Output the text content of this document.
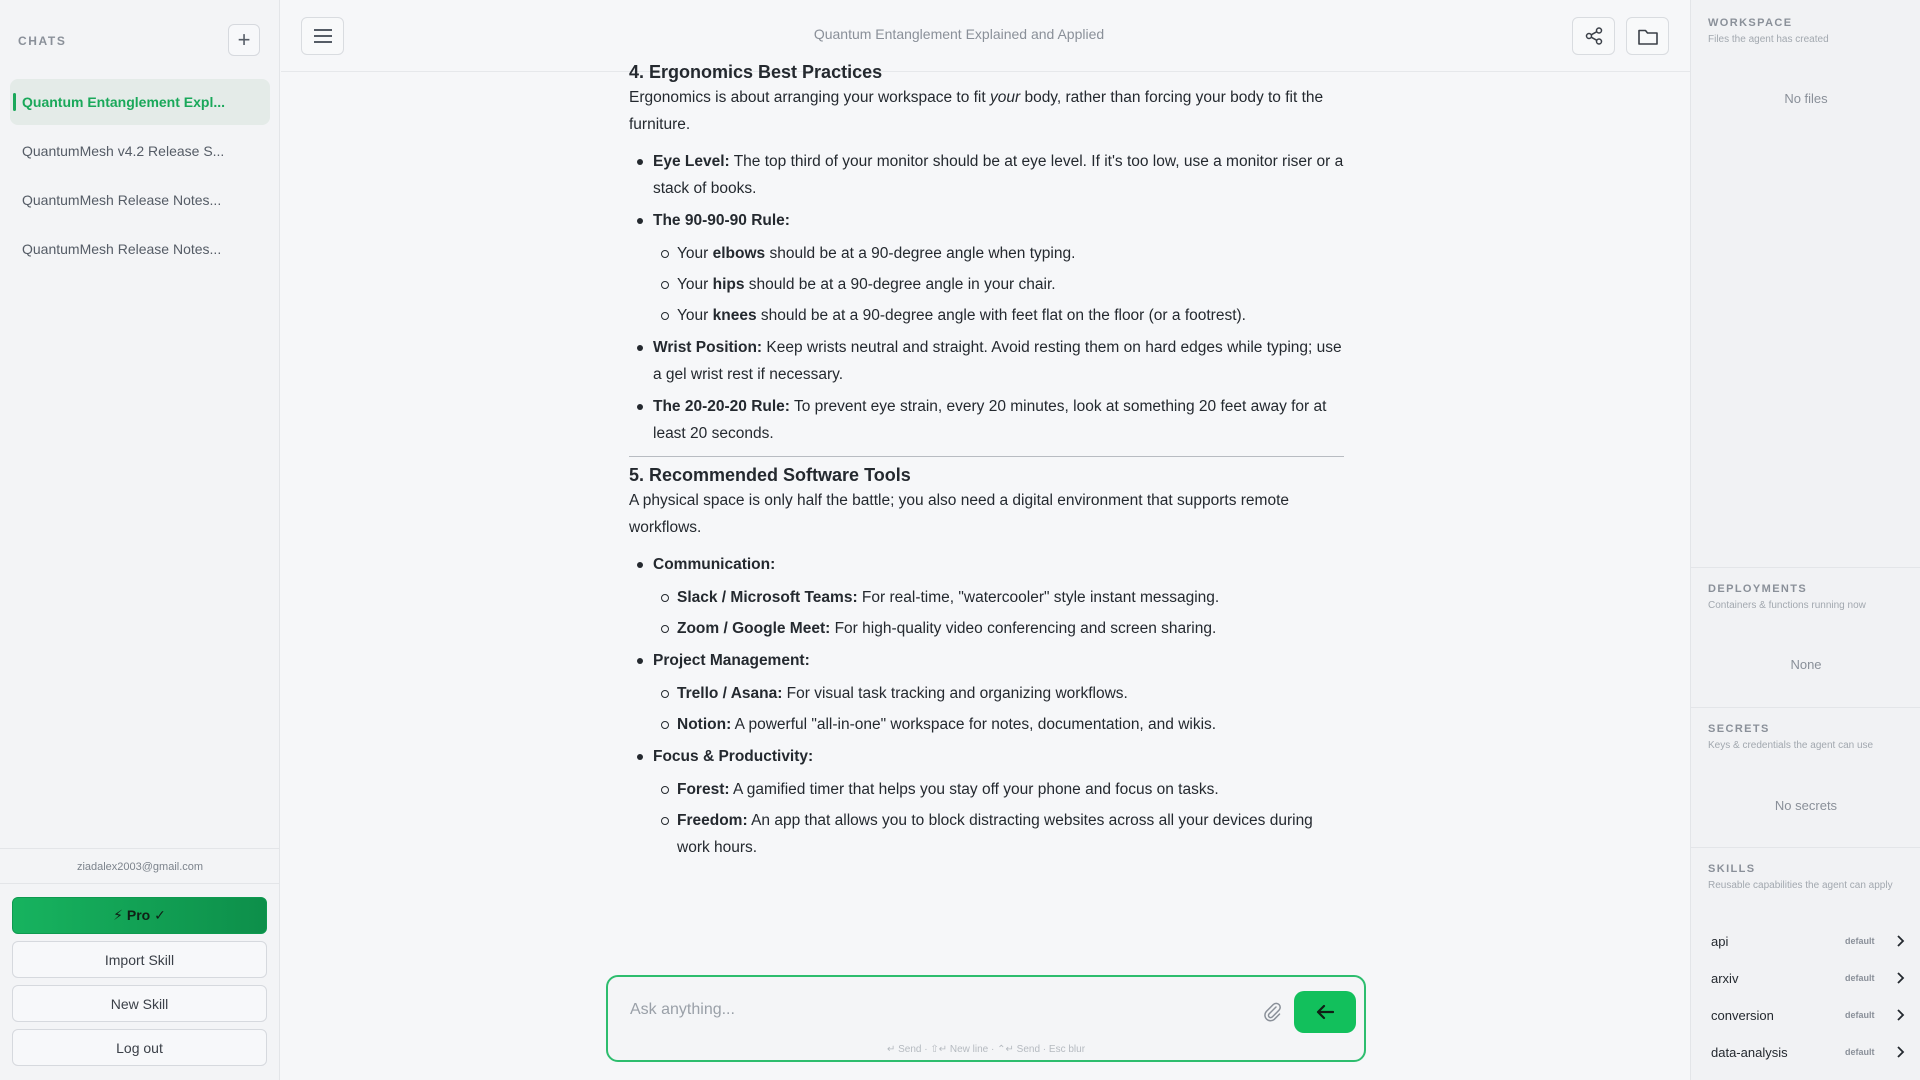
CHATS	+
Quantum Entanglement Expl...
QuantumMesh v4.2 Release S...
QuantumMesh Release Notes...
QuantumMesh Release Notes...
ziadalex2003@gmail.com
⚡ Pro ✓
Import Skill
New Skill
Log out
Quantum Entanglement Explained and Applied
4. Ergonomics Best Practices

Ergonomics is about arranging your workspace to fit your body, rather than forcing your body to fit the furniture.

Eye Level: The top third of your monitor should be at eye level. If it's too low, use a monitor riser or a stack of books.
The 90-90-90 Rule:
Your elbows should be at a 90-degree angle when typing.
Your hips should be at a 90-degree angle in your chair.
Your knees should be at a 90-degree angle with feet flat on the floor (or a footrest).
Wrist Position: Keep wrists neutral and straight. Avoid resting them on hard edges while typing; use a gel wrist rest if necessary.
The 20-20-20 Rule: To prevent eye strain, every 20 minutes, look at something 20 feet away for at least 20 seconds.
5. Recommended Software Tools

A physical space is only half the battle; you also need a digital environment that supports remote workflows.

Communication:
Slack / Microsoft Teams: For real-time, "watercooler" style instant messaging.
Zoom / Google Meet: For high-quality video conferencing and screen sharing.
Project Management:
Trello / Asana: For visual task tracking and organizing workflows.
Notion: A powerful "all-in-one" workspace for notes, documentation, and wikis.
Focus & Productivity:
Forest: A gamified timer that helps you stay off your phone and focus on tasks.
Freedom: An app that allows you to block distracting websites across all your devices during work hours.
Ask anything...
↵ Send · ⇧↵ New line · ⌃↵ Send · Esc blur
WORKSPACE
Files the agent has created
No files
DEPLOYMENTS
Containers & functions running now
None
SECRETS
Keys & credentials the agent can use
No secrets
SKILLS
Reusable capabilities the agent can apply
api	default
arxiv	default
conversion	default
data-analysis	default
